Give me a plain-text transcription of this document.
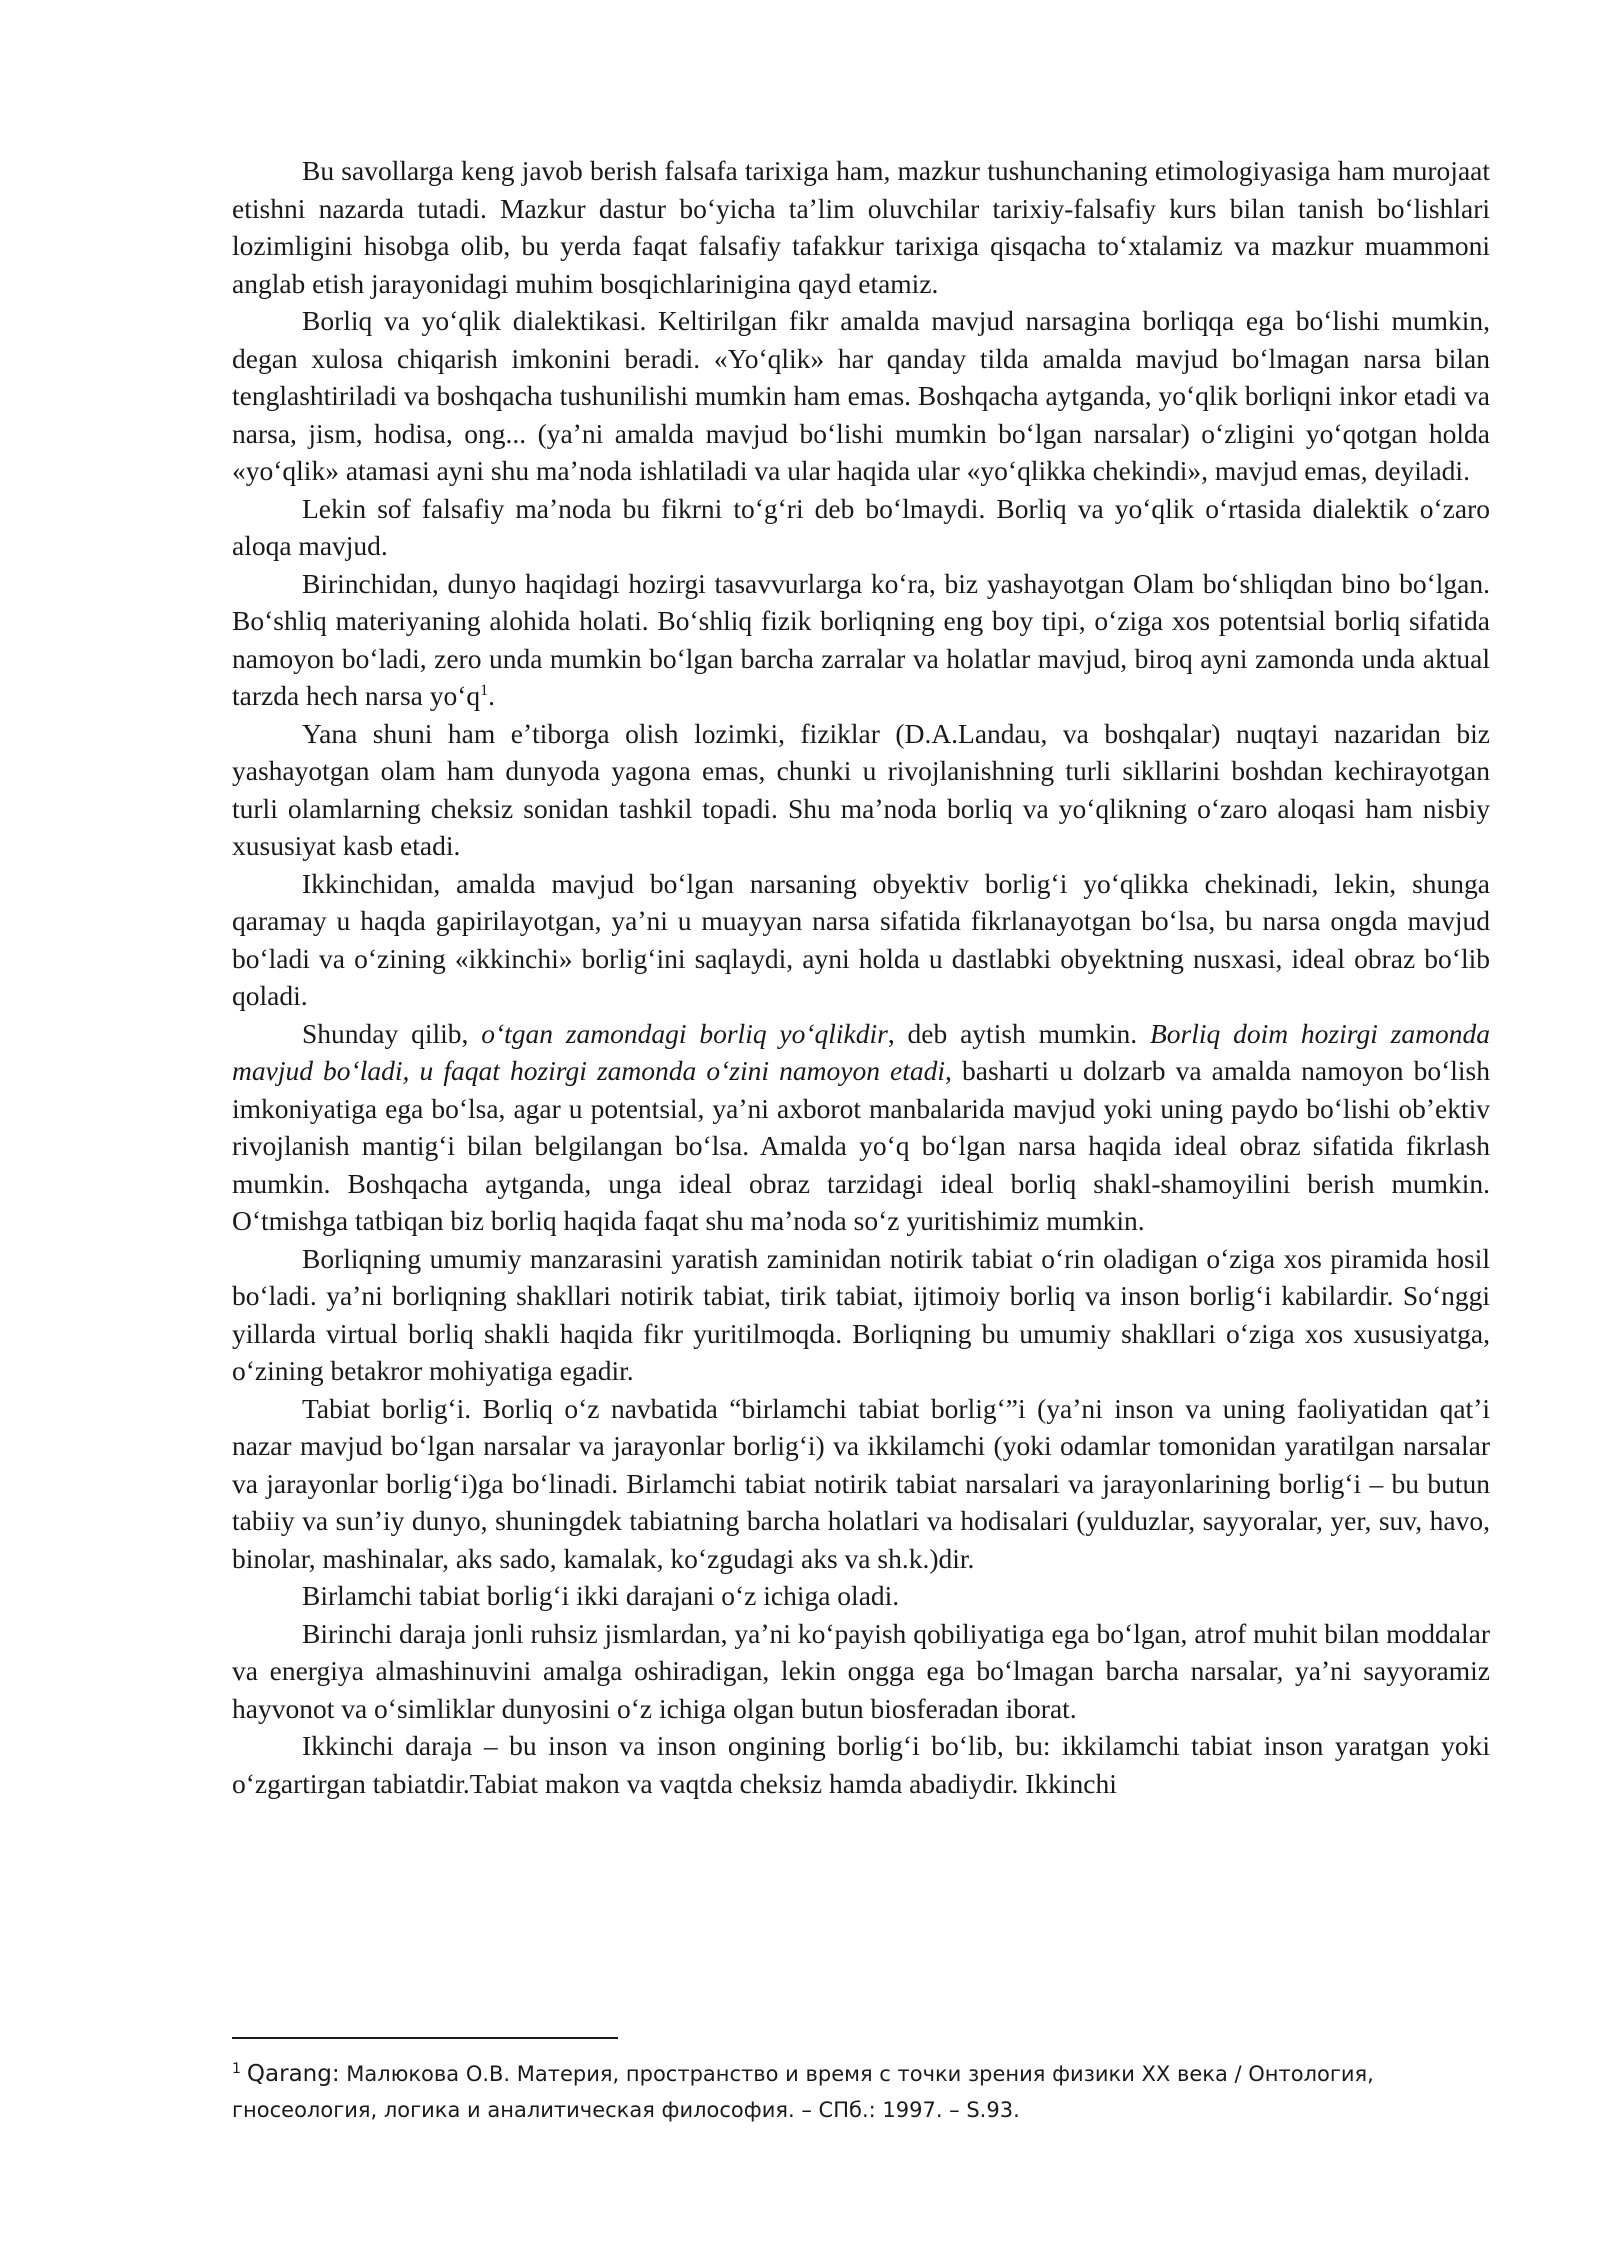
Bu savollarga keng javob berish falsafa tarixiga ham, mazkur tushunchaning etimologiyasiga ham murojaat etishni nazarda tutadi. Mazkur dastur boʻyicha taʼlim oluvchilar tarixiy-falsafiy kurs bilan tanish boʻlishlari lozimligini hisobga olib, bu yerda faqat falsafiy tafakkur tarixiga qisqacha toʻxtalamiz va mazkur muammoni anglab etish jarayonidagi muhim bosqichlarinigina qayd etamiz.

Borliq va yoʻqlik dialektikasi. Keltirilgan fikr amalda mavjud narsagina borliqqa ega boʻlishi mumkin, degan xulosa chiqarish imkonini beradi. «Yoʻqlik» har qanday tilda amalda mavjud boʻlmagan narsa bilan tenglashtiriladi va boshqacha tushunilishi mumkin ham emas. Boshqacha aytganda, yoʻqlik borliqni inkor etadi va narsa, jism, hodisa, ong... (yaʼni amalda mavjud boʻlishi mumkin boʻlgan narsalar) oʻzligini yoʻqotgan holda «yoʻqlik» atamasi ayni shu maʼnoda ishlatiladi va ular haqida ular «yoʻqlikka chekindi», mavjud emas, deyiladi.

Lekin sof falsafiy maʼnoda bu fikrni toʻgʻri deb boʻlmaydi. Borliq va yoʻqlik oʻrtasida dialektik oʻzaro aloqa mavjud.

Birinchidan, dunyo haqidagi hozirgi tasavvurlarga koʻra, biz yashayotgan Olam boʻshliqdan bino boʻlgan. Boʻshliq materiyaning alohida holati. Boʻshliq fizik borliqning eng boy tipi, oʻziga xos potentsial borliq sifatida namoyon boʻladi, zero unda mumkin boʻlgan barcha zarralar va holatlar mavjud, biroq ayni zamonda unda aktual tarzda hech narsa yoʻq$^1$.

Yana shuni ham eʼtiborga olish lozimki, fiziklar (D.A.Landau, va boshqalar) nuqtayi nazaridan biz yashayotgan olam ham dunyoda yagona emas, chunki u rivojlanishning turli sikllarini boshdan kechirayotgan turli olamlarning cheksiz sonidan tashkil topadi. Shu maʼnoda borliq va yoʻqlikning oʻzaro aloqasi ham nisbiy xususiyat kasb etadi.

Ikkinchidan, amalda mavjud boʻlgan narsaning obyektiv borligʻi yoʻqlikka chekinadi, lekin, shunga qaramay u haqda gapirilayotgan, yaʼni u muayyan narsa sifatida fikrlanayotgan boʻlsa, bu narsa ongda mavjud boʻladi va oʻzining «ikkinchi» borligʻini saqlaydi, ayni holda u dastlabki obyektning nusxasi, ideal obraz boʻlib qoladi.

Shunday qilib, oʻtgan zamondagi borliq yoʻqlikdir, deb aytish mumkin. Borliq doim hozirgi zamonda mavjud boʻladi, u faqat hozirgi zamonda oʻzini namoyon etadi, basharti u dolzarb va amalda namoyon boʻlish imkoniyatiga ega boʻlsa, agar u potentsial, yaʼni axborot manbalarida mavjud yoki uning paydo boʻlishi obʼektiv rivojlanish mantigʻi bilan belgilangan boʻlsa. Amalda yoʻq boʻlgan narsa haqida ideal obraz sifatida fikrlash mumkin. Boshqacha aytganda, unga ideal obraz tarzidagi ideal borliq shakl-shamoyilini berish mumkin. Oʻtmishga tatbiqan biz borliq haqida faqat shu maʼnoda soʻz yuritishimiz mumkin.

Borliqning umumiy manzarasini yaratish zaminidan notirik tabiat oʻrin oladigan oʻziga xos piramida hosil boʻladi. yaʼni borliqning shakllari notirik tabiat, tirik tabiat, ijtimoiy borliq va inson borligʻi kabilardir. Soʻnggi yillarda virtual borliq shakli haqida fikr yuritilmoqda. Borliqning bu umumiy shakllari oʻziga xos xususiyatga, oʻzining betakror mohiyatiga egadir.

Tabiat borligʻi. Borliq oʻz navbatida “birlamchi tabiat borligʻ”i (yaʼni inson va uning faoliyatidan qatʼi nazar mavjud boʻlgan narsalar va jarayonlar borligʻi) va ikkilamchi (yoki odamlar tomonidan yaratilgan narsalar va jarayonlar borligʻi)ga boʻlinadi. Birlamchi tabiat notirik tabiat narsalari va jarayonlarining borligʻi – bu butun tabiiy va sunʼiy dunyo, shuningdek tabiatning barcha holatlari va hodisalari (yulduzlar, sayyoralar, yer, suv, havo, binolar, mashinalar, aks sado, kamalak, koʻzgudagi aks va sh.k.)dir.

Birlamchi tabiat borligʻi ikki darajani oʻz ichiga oladi.

Birinchi daraja jonli ruhsiz jismlardan, yaʼni koʻpayish qobiliyatiga ega boʻlgan, atrof muhit bilan moddalar va energiya almashinuvini amalga oshiradigan, lekin ongga ega boʻlmagan barcha narsalar, yaʼni sayyoramiz hayvonot va oʻsimliklar dunyosini oʻz ichiga olgan butun biosferadan iborat.

Ikkinchi daraja – bu inson va inson ongining borligʻi boʻlib, bu: ikkilamchi tabiat inson yaratgan yoki oʻzgartirgan tabiatdir.Tabiat makon va vaqtda cheksiz hamda abadiydir. Ikkinchi

$^1$ Qarang: Малюкова О.В. Материя, пространство и время с точки зрения физики XX века / Онтология, гносеология, логика и аналитическая философия. – СПб.: 1997. – S.93.
